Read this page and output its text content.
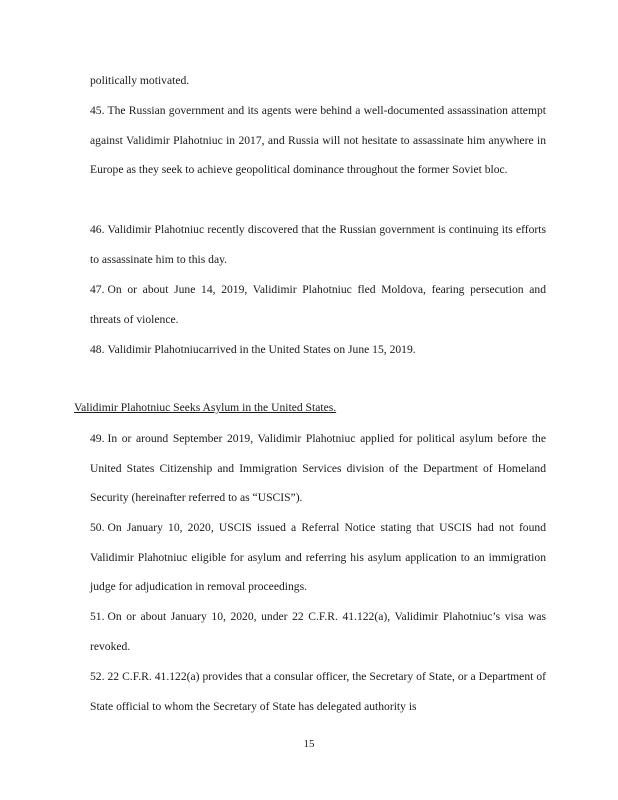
politically motivated.

45. The Russian government and its agents were behind a well-documented assassination attempt against Validimir Plahotniuc in 2017, and Russia will not hesitate to assassinate him anywhere in Europe as they seek to achieve geopolitical dominance throughout the former Soviet bloc.

46. Validimir Plahotniuc recently discovered that the Russian government is continuing its efforts to assassinate him to this day.

47. On or about June 14, 2019, Validimir Plahotniuc fled Moldova, fearing persecution and threats of violence.

48. Validimir Plahotniucarrived in the United States on June 15, 2019.

Validimir Plahotniuc Seeks Asylum in the United States.

49. In or around September 2019, Validimir Plahotniuc applied for political asylum before the United States Citizenship and Immigration Services division of the Department of Homeland Security (hereinafter referred to as “USCIS”).

50. On January 10, 2020, USCIS issued a Referral Notice stating that USCIS had not found Validimir Plahotniuc eligible for asylum and referring his asylum application to an immigration judge for adjudication in removal proceedings.

51. On or about January 10, 2020, under 22 C.F.R. 41.122(a), Validimir Plahotniuc’s visa was revoked.

52. 22 C.F.R. 41.122(a) provides that a consular officer, the Secretary of State, or a Department of State official to whom the Secretary of State has delegated authority is

15
